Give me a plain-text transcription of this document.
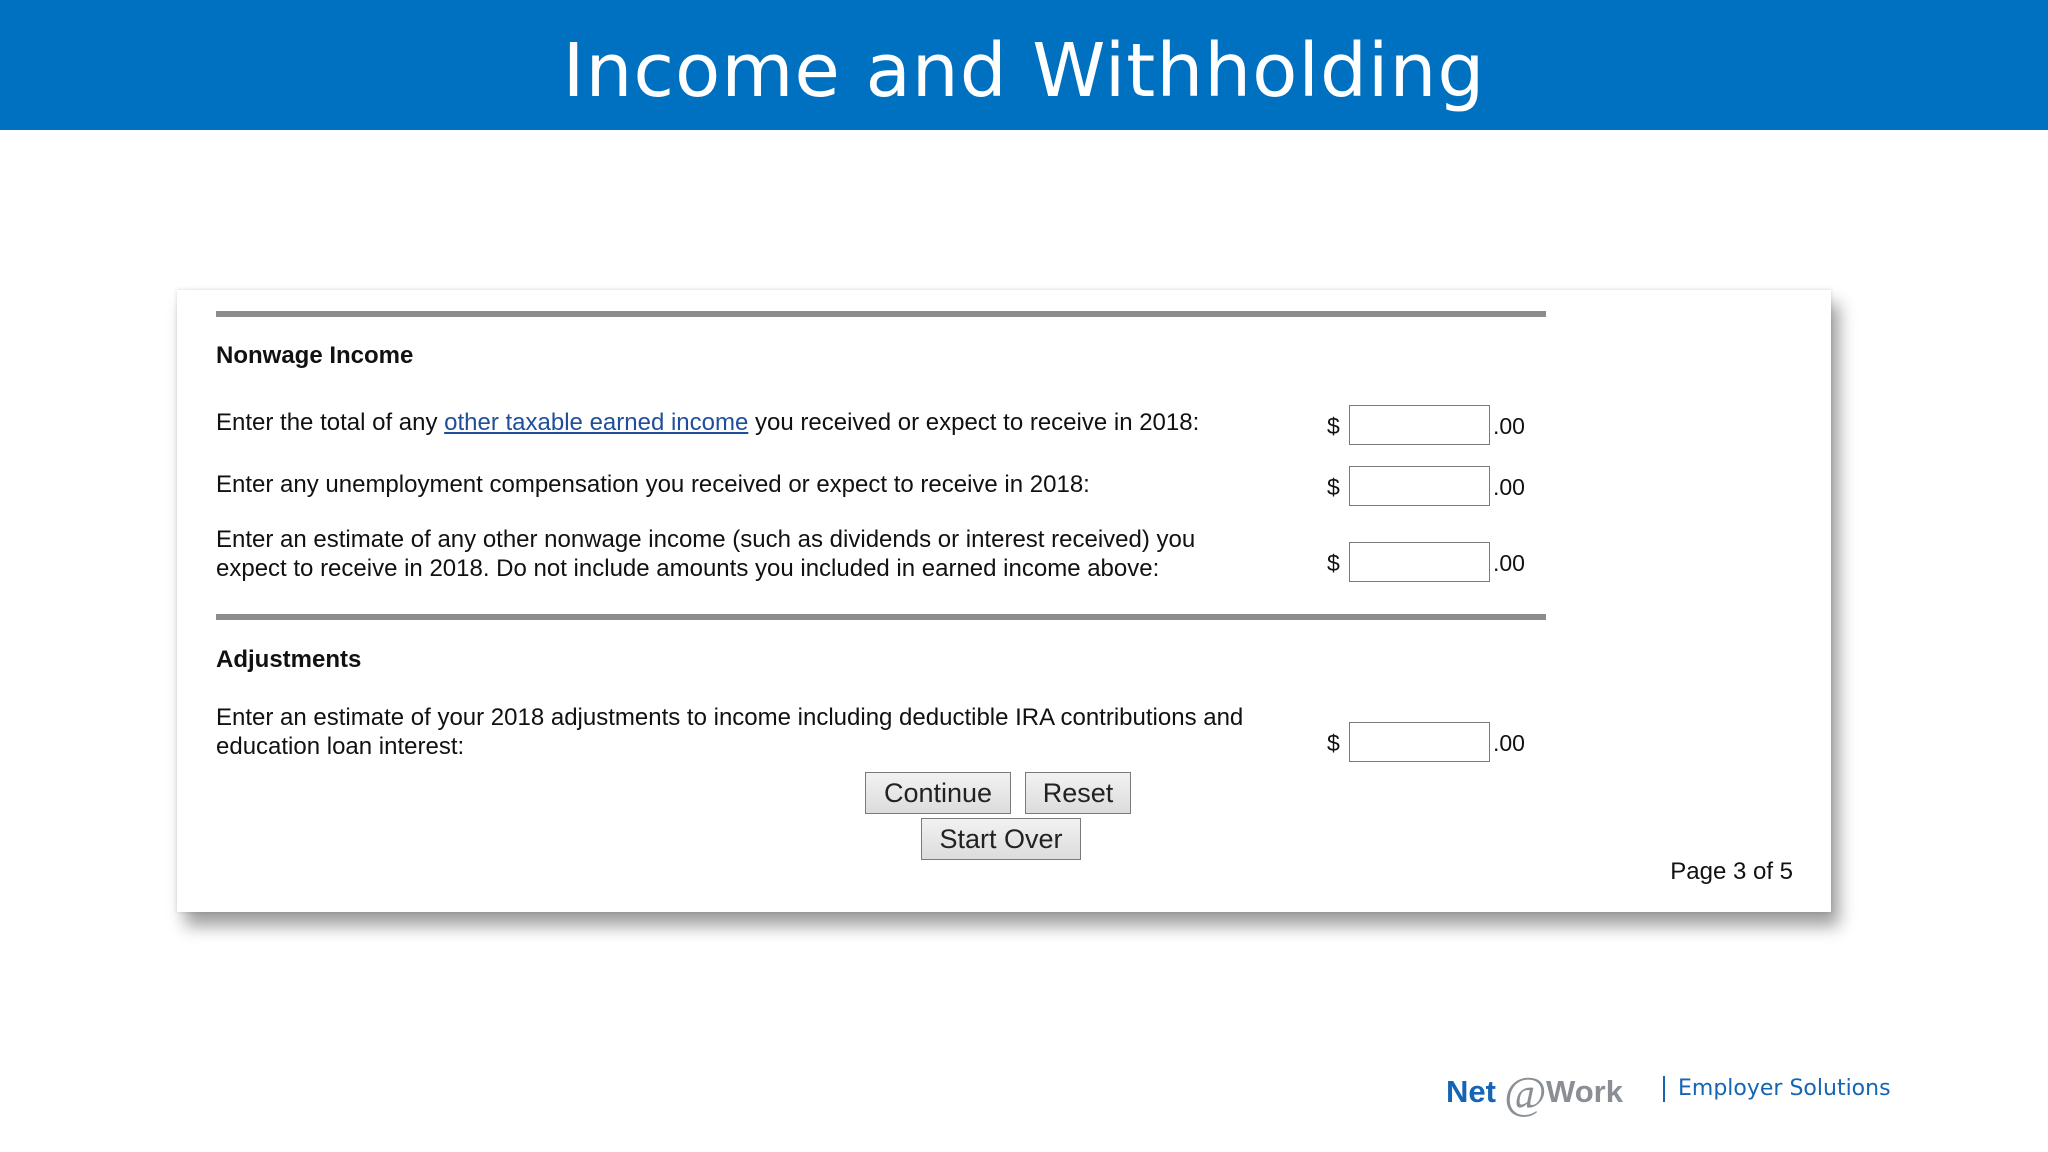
Income and Withholding
Nonwage Income
Enter the total of any other taxable earned income you received or expect to receive in 2018:	$	.00
Enter any unemployment compensation you received or expect to receive in 2018:	$	.00
Enter an estimate of any other nonwage income (such as dividends or interest received) you
expect to receive in 2018. Do not include amounts you included in earned income above:	$	.00
Adjustments
Enter an estimate of your 2018 adjustments to income including deductible IRA contributions and
education loan interest:	$	.00
Continue	Reset
Start Over
Page 3 of 5
Net @ Work	Employer Solutions
